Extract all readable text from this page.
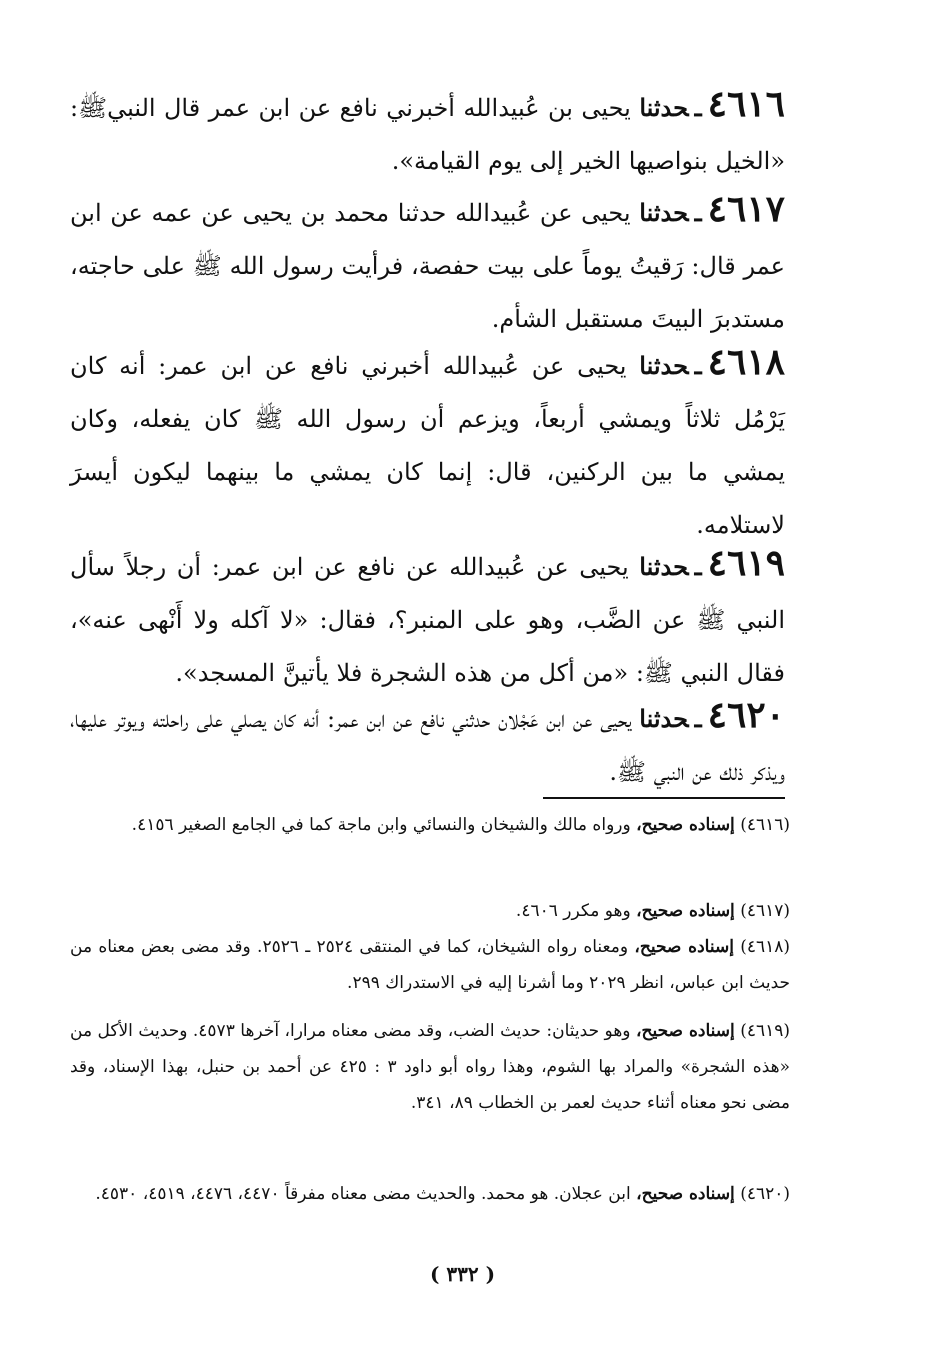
٤٦١٦ـحدثنا يحيى بن عُبيدالله أخبرني نافع عن ابن عمر قال النبيﷺ: «الخيل بنواصيها الخير إلى يوم القيامة».
٤٦١٧ـحدثنا يحيى عن عُبيدالله حدثنا محمد بن يحيى عن عمه عن ابن عمر قال: رَقيتُ يوماً على بيت حفصة، فرأيت رسول الله ﷺ على حاجته، مستدبرَ البيتَ مستقبل الشأم.
٤٦١٨ـحدثنا يحيى عن عُبيدالله أخبرني نافع عن ابن عمر: أنه كان يَرْمُل ثلاثاً ويمشي أربعاً، ويزعم أن رسول الله ﷺ كان يفعله، وكان يمشي ما بين الركنين، قال: إنما كان يمشي ما بينهما ليكون أيسرَ لاستلامه.
٤٦١٩ـحدثنا يحيى عن عُبيدالله عن نافع عن ابن عمر: أن رجلاً سأل النبي ﷺ عن الضَّب، وهو على المنبر؟، فقال: «لا آكله ولا أَنْهى عنه»، فقال النبي ﷺ: «من أكل من هذه الشجرة فلا يأتينَّ المسجد».
٤٦٢٠ـحدثنا يحيى عن ابن عَجْلان حدثني نافع عن ابن عمر: أنه كان يصلي على راحلته ويوتر عليها، ويذكر ذلك عن النبي ﷺ.
(٤٦١٦) إسناده صحيح، ورواه مالك والشيخان والنسائي وابن ماجة كما في الجامع الصغير ٤١٥٦.
(٤٦١٧) إسناده صحيح، وهو مكرر ٤٦٠٦.
(٤٦١٨) إسناده صحيح، ومعناه رواه الشيخان، كما في المنتقى ٢٥٢٤ ـ ٢٥٢٦. وقد مضى بعض معناه من حديث ابن عباس، انظر ٢٠٢٩ وما أشرنا إليه في الاستدراك ٢٩٩.
(٤٦١٩) إسناده صحيح، وهو حديثان: حديث الضب، وقد مضى معناه مرارا، آخرها ٤٥٧٣. وحديث الأكل من «هذه الشجرة» والمراد بها الشوم، وهذا رواه أبو داود ٣ : ٤٢٥ عن أحمد بن حنبل، بهذا الإسناد، وقد مضى نحو معناه أثناء حديث لعمر بن الخطاب ٨٩، ٣٤١.
(٤٦٢٠) إسناده صحيح، ابن عجلان. هو محمد. والحديث مضى معناه مفرقاً ٤٤٧٠، ٤٤٧٦، ٤٥١٩، ٤٥٣٠.
( ٣٣٢ )
